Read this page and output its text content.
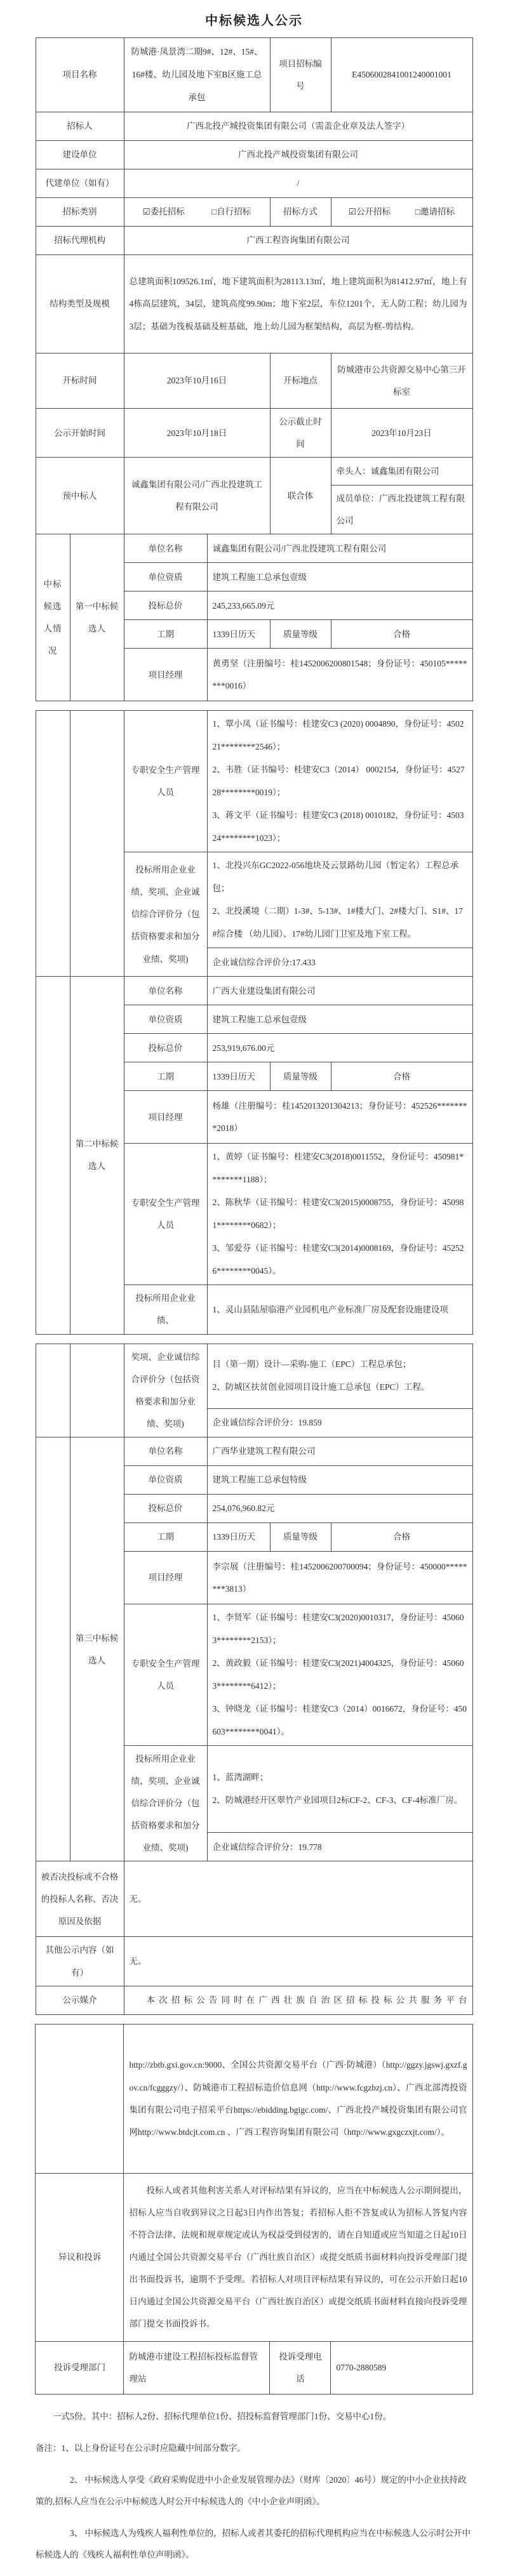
中标候选人公示
项目名称		防城港·凤景湾二期9#、12#、15#、16#楼、幼儿园及地下室B区施工总承包		项目招标编号	E4506002841001240001001
招标人		广西北投产城投资集团有限公司（需盖企业章及法人签字）			
建设单位		广西北投产城投资集团有限公司			
代建单位（如有）		/			
招标类别		☑委托招标 □自行招标		招标方式	☑公开招标 □邀请招标

招标代理机构		广西工程咨询集团有限公司			
结构类型及规模		总建筑面积109526.1㎡，地下建筑面积为28113.13㎡，地上建筑面积为81412.97㎡，地上有4栋高层建筑，34层，建筑高度99.90m；地下室2层，车位1201个，无人防工程；幼儿园为3层；基础为筏板基础及桩基础，地上幼儿园为框架结构，高层为框-剪结构。			
开标时间		2023年10月16日		开标地点	防城港市公共资源交易中心第三开标室
公示开始时间		2023年10月18日		公示截止时间	2023年10月23日
预中标人		诚鑫集团有限公司/广西北投建筑工程有限公司		联合体	牵头人：诚鑫集团有限公司
					成员单位：广西北投建筑工程有限公司
中标候选人情况	第一中标候选人	单位名称	诚鑫集团有限公司/广西北投建筑工程有限公司		
		单位资质	建筑工程施工总承包壹级		
		投标总价	245,233,665.09元		
		工期	1339日历天	质量等级	合格
		项目经理	黄勇坚（注册编号：桂1452006200801548；身份证号：450105********0016）		
		专职安全生产管理人员	1、覃小凤（证书编号：桂建安C3 (2020) 0004890，身份证号：450221********2546）；
2、韦胜（证书编号：桂建安C3（2014） 0002154，身份证号：452728********0019）；
3、蒋文平（证书编号：桂建安C3 (2018) 0010182，身份证号：450324********1023）；		

		投标所用企业业绩、奖项、企业诚信综合评价分（包括资格要求和加分业绩、奖项)	1、北投兴东GC2022-056地块及云景路幼儿园（暂定名）工程总承包；
2、北投溪境（二期）1-3#、5-13#、1#楼大门、2#楼大门、S1#、17#综合楼 （幼儿园）、17#幼儿园门卫室及地下室工程。		

			企业诚信综合评价分:17.433		
	第二中标候选人	单位名称	广西大业建设集团有限公司		
		单位资质	建筑工程施工总承包壹级		
		投标总价	253,919,676.00元		
		工期	1339日历天	质量等级	合格
		项目经理	杨雄（注册编号：桂1452013201304213；身份证号：452526********2018）		
		专职安全生产管理人员	1、黄婷（证书编号：桂建安C3(2018)0011552，身份证号：450981********1188）；
2、陈秋华（证书编号：桂建安C3(2015)0008755，身份证号：450981********0682）；
3、邹爱芬（证书编号：桂建安C3(2014)0008169，身份证号：452526********0045）。		

		投标所用企业业绩、	1、灵山县陆屋临港产业园机电产业标准厂房及配套设施建设项		
		奖项、企业诚信综合评价分（包括资格要求和加分业绩、奖项)	目（第一期）设计—采购-施工（EPC）工程总承包；
2、防城区扶贫创业园项目设计施工总承包（EPC）工程。		

			企业诚信综合评价分：19.859		
	第三中标候选人	单位名称	广西华业建筑工程有限公司		
		单位资质	建筑工程施工总承包特级		
		投标总价	254,076,960.82元		
		工期	1339日历天	质量等级	合格
		项目经理	李宗展（注册编号：桂1452006200700094；身份证号：450000********3813）		
		专职安全生产管理人员	1、李贤军（证书编号：桂建安C3(2020)0010317，身份证号：450603********2153）；
2、黄政毅（证书编号：桂建安C3(2021)4004325，身份证号：450603********6412）；
3、钟晓龙（证书编号：桂建安C3（2014）0016672，身份证号：450603********0041）。		

		投标所用企业业绩、奖项、企业诚信综合评价分（包括资格要求和加分业绩、奖项)	1、蓝湾湖畔；
2、防城港经开区翠竹产业园项目2标CF-2、CF-3、CF-4标准厂房。		

			企业诚信综合评价分：19.778		
被否决投标或不合格的投标人名称、否决原因及依据		无。			
其他公示内容（如有）		无。			
公示媒介		本次招标公告同时在广西壮族自治区招标投标公共服务平台			
	http://zbtb.gxi.gov.cn:9000、全国公共资源交易平台（广西·防城港）（http://ggzy.jgswj.gxzf.gov.cn/fcgggzy/）、防城港市工程招标造价信息网（http://www.fcgzbzj.cn）、广西北部湾投资集团有限公司电子招采平台https://ebidding.bgigc.com/、广西北投产城投资集团有限公司官网http://www.btdcjt.com.cn 、广西工程咨询集团有限公司（http://www.gxgczxjt.com/）。		
异议和投诉	投标人或者其他利害关系人对评标结果有异议的，应当在中标候选人公示期间提出，招标人应当自收到异议之日起3日内作出答复；若招标人拒不答复或认为招标人答复内容不符合法律、法规和规章规定或认为权益受到侵害的，请在自知道或应当知道之日起10日内通过全国公共资源交易平台（广西壮族自治区）或提交纸质书面材料向投诉受理部门提出书面投诉书，逾期不予受理。若招标人对项目评标结果有异议的，可在公示开始日起10日内通过全国公共资源交易平台（广西壮族自治区）或提交纸质书面材料直接向投诉受理部门提交书面投诉书。		
投诉受理部门	防城港市建设工程招标投标监督管理站	投诉受理电话	0770-2880589
一式5份。其中：招标人2份、招标代理单位1份、招投标监督管理部门1份、交易中心1份。
备注：1、以上身份证号在公示时应隐藏中间部分数字。
2、 中标候选人享受《政府采购促进中小企业发展管理办法》（财库〔2020〕46号）规定的中小企业扶持政策的,招标人应当在公示中标候选人时公开中标候选人的《中小企业声明函》。
3、 中标候选人为残疾人福利性单位的，招标人或者其委托的招标代理机构应当在中标候选人公示时公开中标候选人的《残疾人福利性单位声明函》。
